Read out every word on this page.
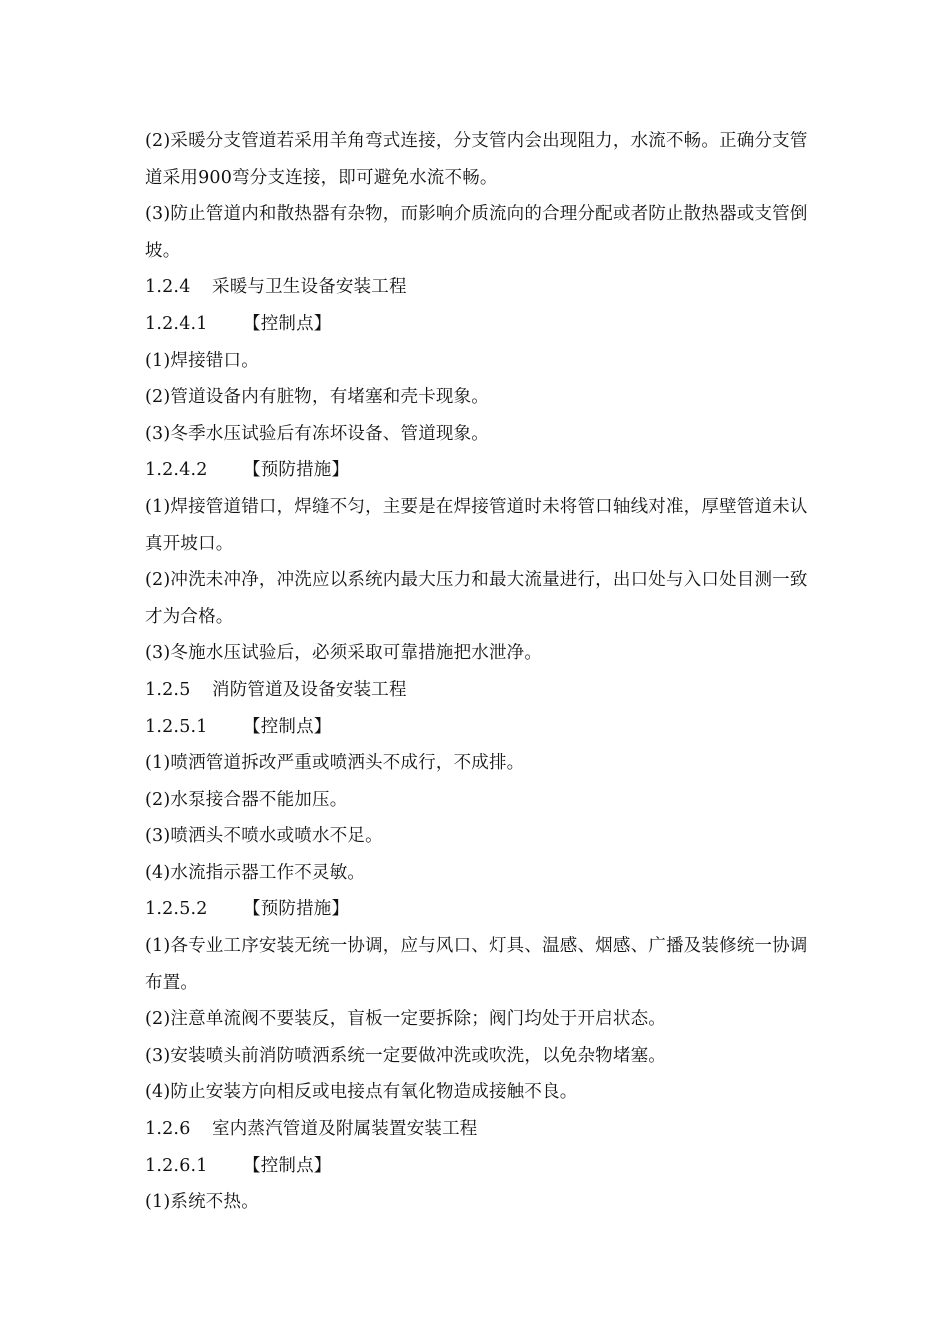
(2)采暖分支管道若采用羊角弯式连接，分支管内会出现阻力，水流不畅。正确分支管道采用900弯分支连接，即可避免水流不畅。
(3)防止管道内和散热器有杂物，而影响介质流向的合理分配或者防止散热器或支管倒坡。
1.2.4 采暖与卫生设备安装工程
1.2.4.1 【控制点】
(1)焊接错口。
(2)管道设备内有脏物，有堵塞和壳卡现象。
(3)冬季水压试验后有冻坏设备、管道现象。
1.2.4.2 【预防措施】
(1)焊接管道错口，焊缝不匀，主要是在焊接管道时未将管口轴线对准，厚壁管道未认真开坡口。
(2)冲洗未冲净，冲洗应以系统内最大压力和最大流量进行，出口处与入口处目测一致才为合格。
(3)冬施水压试验后，必须采取可靠措施把水泄净。
1.2.5 消防管道及设备安装工程
1.2.5.1 【控制点】
(1)喷洒管道拆改严重或喷洒头不成行，不成排。
(2)水泵接合器不能加压。
(3)喷洒头不喷水或喷水不足。
(4)水流指示器工作不灵敏。
1.2.5.2 【预防措施】
(1)各专业工序安装无统一协调，应与风口、灯具、温感、烟感、广播及装修统一协调布置。
(2)注意单流阀不要装反，盲板一定要拆除；阀门均处于开启状态。
(3)安装喷头前消防喷洒系统一定要做冲洗或吹洗，以免杂物堵塞。
(4)防止安装方向相反或电接点有氧化物造成接触不良。
1.2.6 室内蒸汽管道及附属装置安装工程
1.2.6.1 【控制点】
(1)系统不热。
